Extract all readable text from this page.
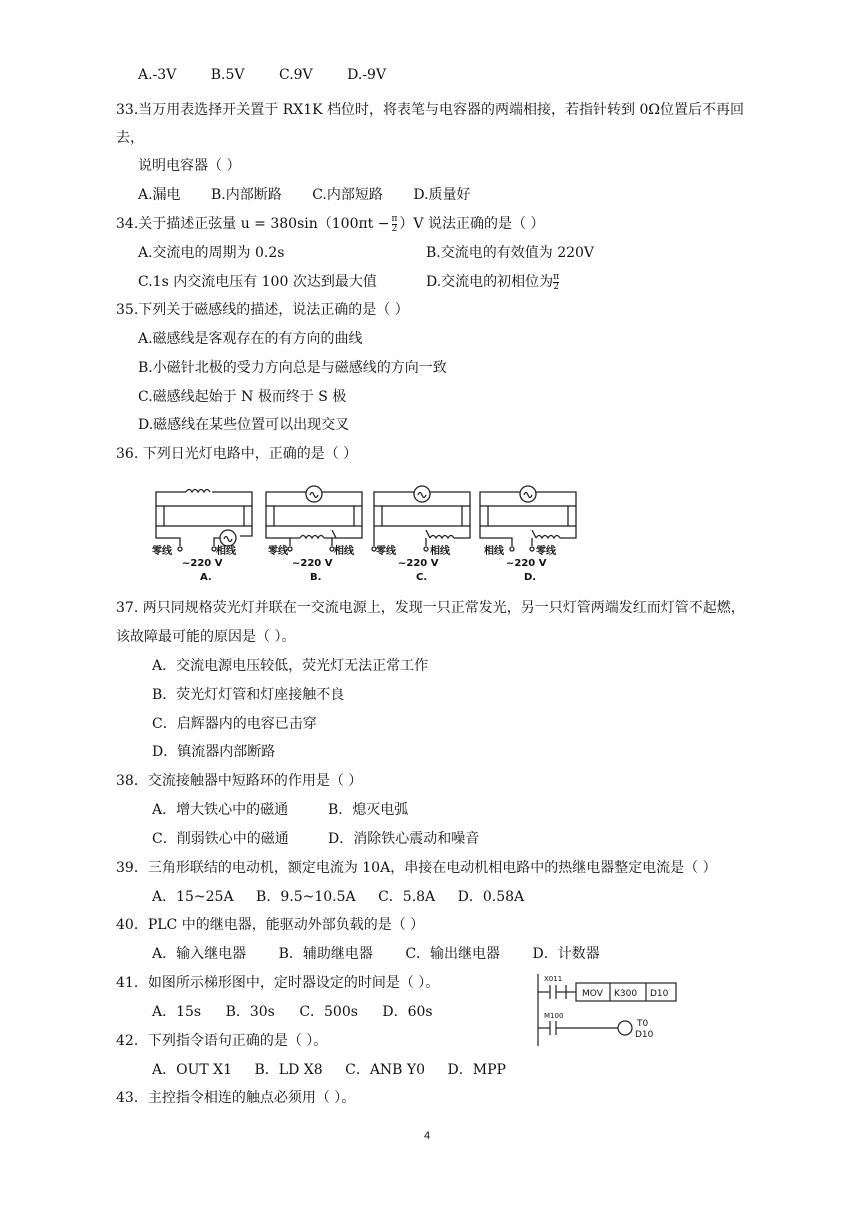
A.-3V B.5V C.9V D.-9V
33.当万用表选择开关置于 RX1K 档位时，将表笔与电容器的两端相接，若指针转到 0Ω位置后不再回
去，
说明电容器（ ）
A.漏电 B.内部断路 C.内部短路 D.质量好
34.关于描述正弦量 $u = 380\sin(100\pi t - \frac{\pi}{2} )V$ 说法正确的是（ ）
A.交流电的周期为 0.2s	B.交流电的有效值为 220V
C.1s 内交流电压有 100 次达到最大值	D.交流电的初相位为 $\frac{\pi}{2}$
35.下列关于磁感线的描述，说法正确的是（ ）
A.磁感线是客观存在的有方向的曲线
B.小磁针北极的受力方向总是与磁感线的方向一致
C.磁感线起始于 N 极而终于 S 极
D.磁感线在某些位置可以出现交叉
36. 下列日光灯电路中，正确的是（ ）
零线	相线
~220 V
A.
零线	相线
~220 V
B.
零线	相线
~220 V
C.
相线	零线
~220 V
D.
37. 两只同规格荧光灯并联在一交流电源上，发现一只正常发光，另一只灯管两端发红而灯管不起燃，
该故障最可能的原因是（ ）。
A．交流电源电压较低，荧光灯无法正常工作
B．荧光灯灯管和灯座接触不良
C．启辉器内的电容已击穿
D．镇流器内部断路
38．交流接触器中短路环的作用是（ ）
A．增大铁心中的磁通	B．熄灭电弧
C．削弱铁心中的磁通	D．消除铁心震动和噪音
39．三角形联结的电动机，额定电流为 10A，串接在电动机相电路中的热继电器整定电流是（ ）
A．15~25A B．9.5~10.5A C．5.8A D．0.58A
40．PLC 中的继电器，能驱动外部负载的是（ ）
A．输入继电器 B．辅助继电器 C．输出继电器 D．计数器
41．如图所示梯形图中，定时器设定的时间是（ ）。
A．15s B．30s C．500s D．60s
X011
MOV K300 D10
M100
T0
D10
42．下列指令语句正确的是（ ）。
A．OUT X1 B．LD X8 C．ANB Y0 D．MPP
43．主控指令相连的触点必须用（ ）。
4
